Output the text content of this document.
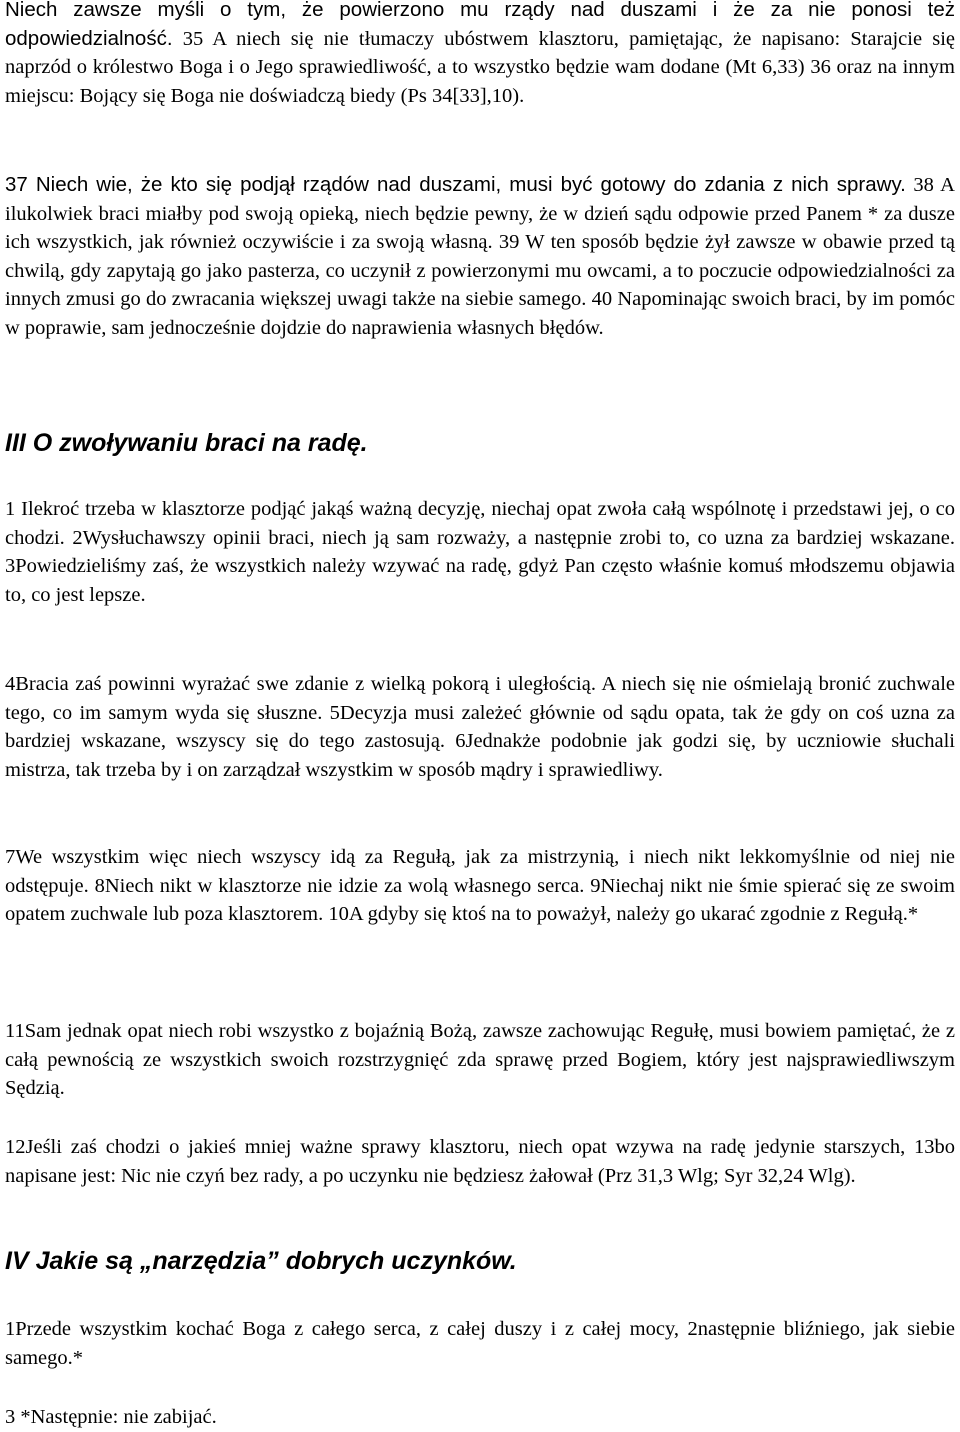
Niech zawsze myśli o tym, że powierzono mu rządy nad duszami i że za nie ponosi też odpowiedzialność. 35 A niech się nie tłumaczy ubóstwem klasztoru, pamiętając, że napisano: Starajcie się naprzód o królestwo Boga i o Jego sprawiedliwość, a to wszystko będzie wam dodane (Mt 6,33) 36 oraz na innym miejscu: Bojący się Boga nie doświadczą biedy (Ps 34[33],10).

37 Niech wie, że kto się podjął rządów nad duszami, musi być gotowy do zdania z nich sprawy. 38 A ilukolwiek braci miałby pod swoją opieką, niech będzie pewny, że w dzień sądu odpowie przed Panem * za dusze ich wszystkich, jak również oczywiście i za swoją własną. 39 W ten sposób będzie żył zawsze w obawie przed tą chwilą, gdy zapytają go jako pasterza, co uczynił z powierzonymi mu owcami, a to poczucie odpowiedzialności za innych zmusi go do zwracania większej uwagi także na siebie samego. 40 Napominając swoich braci, by im pomóc w poprawie, sam jednocześnie dojdzie do naprawienia własnych błędów.

III O zwoływaniu braci na radę.

1 Ilekroć trzeba w klasztorze podjąć jakąś ważną decyzję, niechaj opat zwoła całą wspólnotę i przedstawi jej, o co chodzi. 2Wysłuchawszy opinii braci, niech ją sam rozważy, a następnie zrobi to, co uzna za bardziej wskazane. 3Powiedzieliśmy zaś, że wszystkich należy wzywać na radę, gdyż Pan często właśnie komuś młodszemu objawia to, co jest lepsze.

4Bracia zaś powinni wyrażać swe zdanie z wielką pokorą i uległością. A niech się nie ośmielają bronić zuchwale tego, co im samym wyda się słuszne. 5Decyzja musi zależeć głównie od sądu opata, tak że gdy on coś uzna za bardziej wskazane, wszyscy się do tego zastosują. 6Jednakże podobnie jak godzi się, by uczniowie słuchali mistrza, tak trzeba by i on zarządzał wszystkim w sposób mądry i sprawiedliwy.

7We wszystkim więc niech wszyscy idą za Regułą, jak za mistrzynią, i niech nikt lekkomyślnie od niej nie odstępuje. 8Niech nikt w klasztorze nie idzie za wolą własnego serca. 9Niechaj nikt nie śmie spierać się ze swoim opatem zuchwale lub poza klasztorem. 10A gdyby się ktoś na to poważył, należy go ukarać zgodnie z Regułą.*

11Sam jednak opat niech robi wszystko z bojaźnią Bożą, zawsze zachowując Regułę, musi bowiem pamiętać, że z całą pewnością ze wszystkich swoich rozstrzygnięć zda sprawę przed Bogiem, który jest najsprawiedliwszym Sędzią.

12Jeśli zaś chodzi o jakieś mniej ważne sprawy klasztoru, niech opat wzywa na radę jedynie starszych, 13bo napisane jest: Nic nie czyń bez rady, a po uczynku nie będziesz żałował (Prz 31,3 Wlg; Syr 32,24 Wlg).

IV Jakie są „narzędzia” dobrych uczynków.

1Przede wszystkim kochać Boga z całego serca, z całej duszy i z całej mocy, 2następnie bliźniego, jak siebie samego.*

3 *Następnie: nie zabijać.
